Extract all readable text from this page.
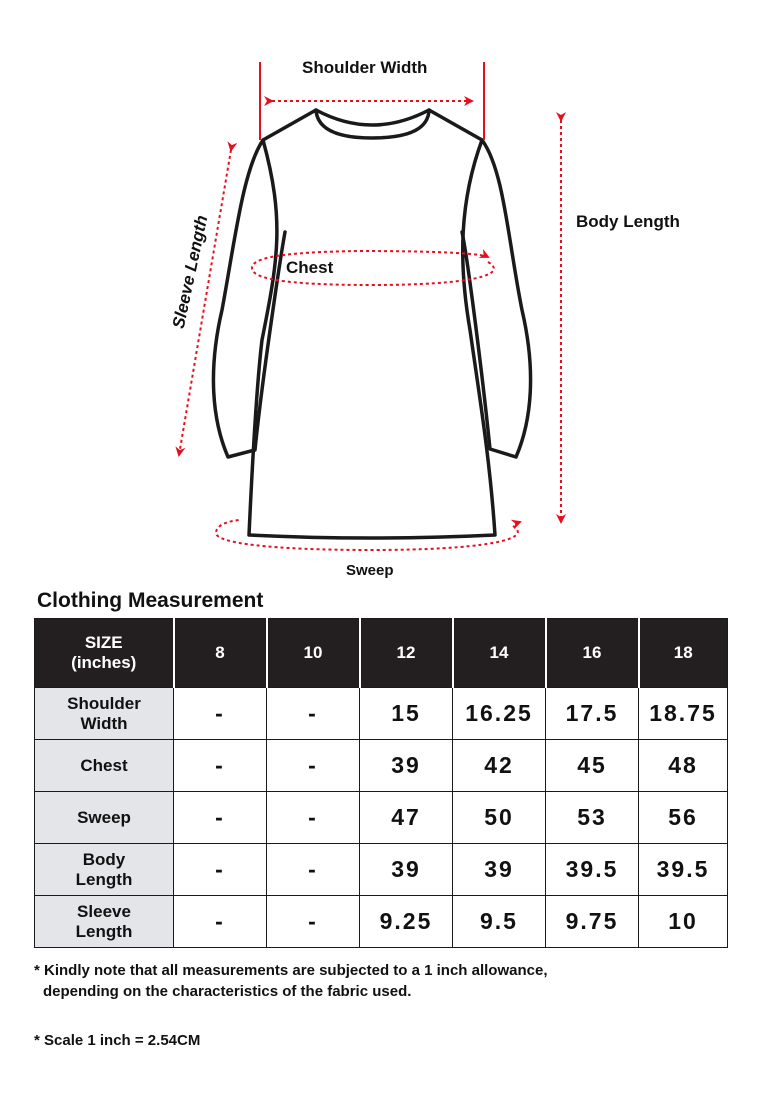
Shoulder Width
Body Length
Chest
Sweep
Sleeve Length
Clothing Measurement
SIZE
(inches)	8	10	12	14	16	18

Shoulder
Width	-	-	15	16.25	17.5	18.75

Chest	-	-	39	42	45	48

Sweep	-	-	47	50	53	56

Body
Length	-	-	39	39	39.5	39.5

Sleeve
Length	-	-	9.25	9.5	9.75	10
* Kindly note that all measurements are subjected to a 1 inch allowance,
depending on the characteristics of the fabric used.
* Scale 1 inch = 2.54CM
